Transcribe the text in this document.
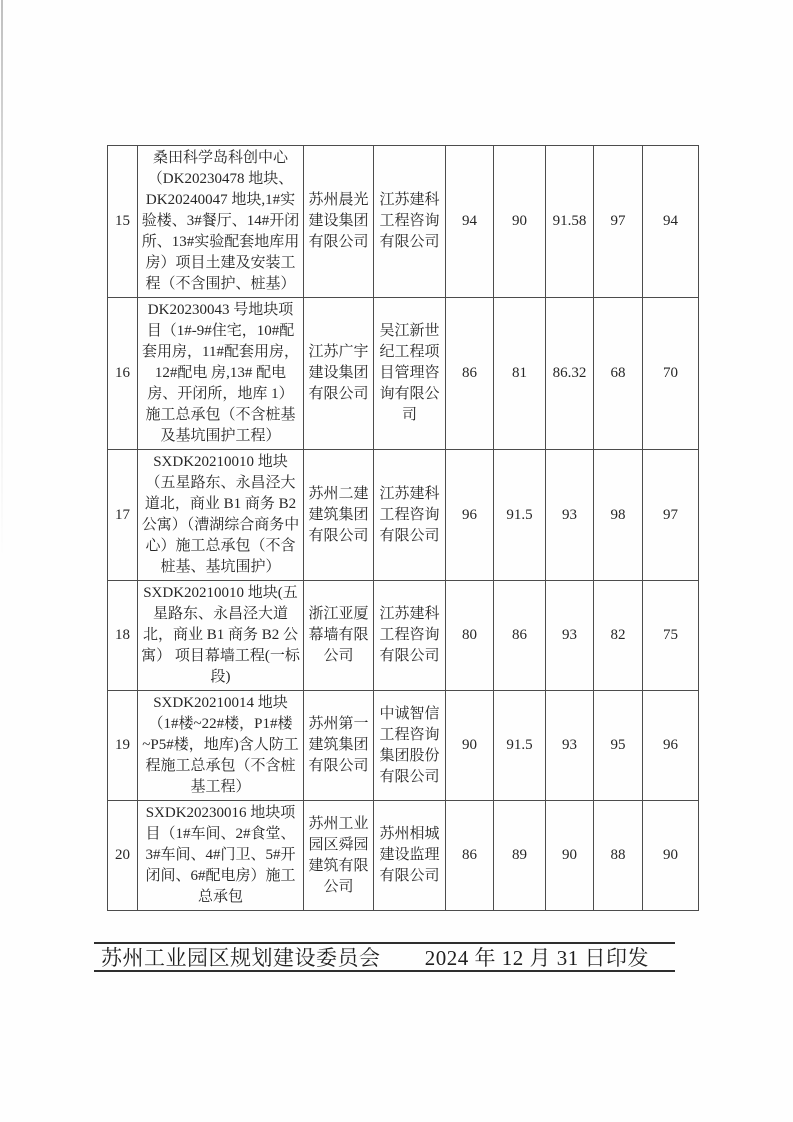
15	桑田科学岛科创中心（DK20230478 地块、DK20240047 地块,1#实验楼、3#餐厅、14#开闭所、13#实验配套地库用房）项目土建及安装工程（不含围护、桩基）	苏州晨光建设集团有限公司	江苏建科工程咨询有限公司	94	90	91.58	97	94
16	DK20230043 号地块项目（1#-9#住宅，10#配套用房，11#配套用房，12#配电 房,13# 配电房、开闭所，地库 1）施工总承包（不含桩基及基坑围护工程）	江苏广宇建设集团有限公司	吴江新世纪工程项目管理咨询有限公司	86	81	86.32	68	70
17	SXDK20210010 地块（五星路东、永昌泾大道北，商业 B1 商务 B2 公寓）（漕湖综合商务中心）施工总承包（不含桩基、基坑围护）	苏州二建建筑集团有限公司	江苏建科工程咨询有限公司	96	91.5	93	98	97
18	SXDK20210010 地块(五星路东、永昌泾大道北，商业 B1 商务 B2 公寓） 项目幕墙工程(一标段)	浙江亚厦幕墙有限公司	江苏建科工程咨询有限公司	80	86	93	82	75
19	SXDK20210014 地块 （1#楼~22#楼，P1#楼~P5#楼，地库)含人防工程施工总承包（不含桩基工程）	苏州第一建筑集团有限公司	中诚智信工程咨询集团股份有限公司	90	91.5	93	95	96
20	SXDK20230016 地块项目（1#车间、2#食堂、3#车间、4#门卫、5#开闭间、6#配电房）施工总承包	苏州工业园区舜园建筑有限公司	苏州相城建设监理有限公司	86	89	90	88	90
苏州工业园区规划建设委员会 2024 年 12 月 31 日印发
